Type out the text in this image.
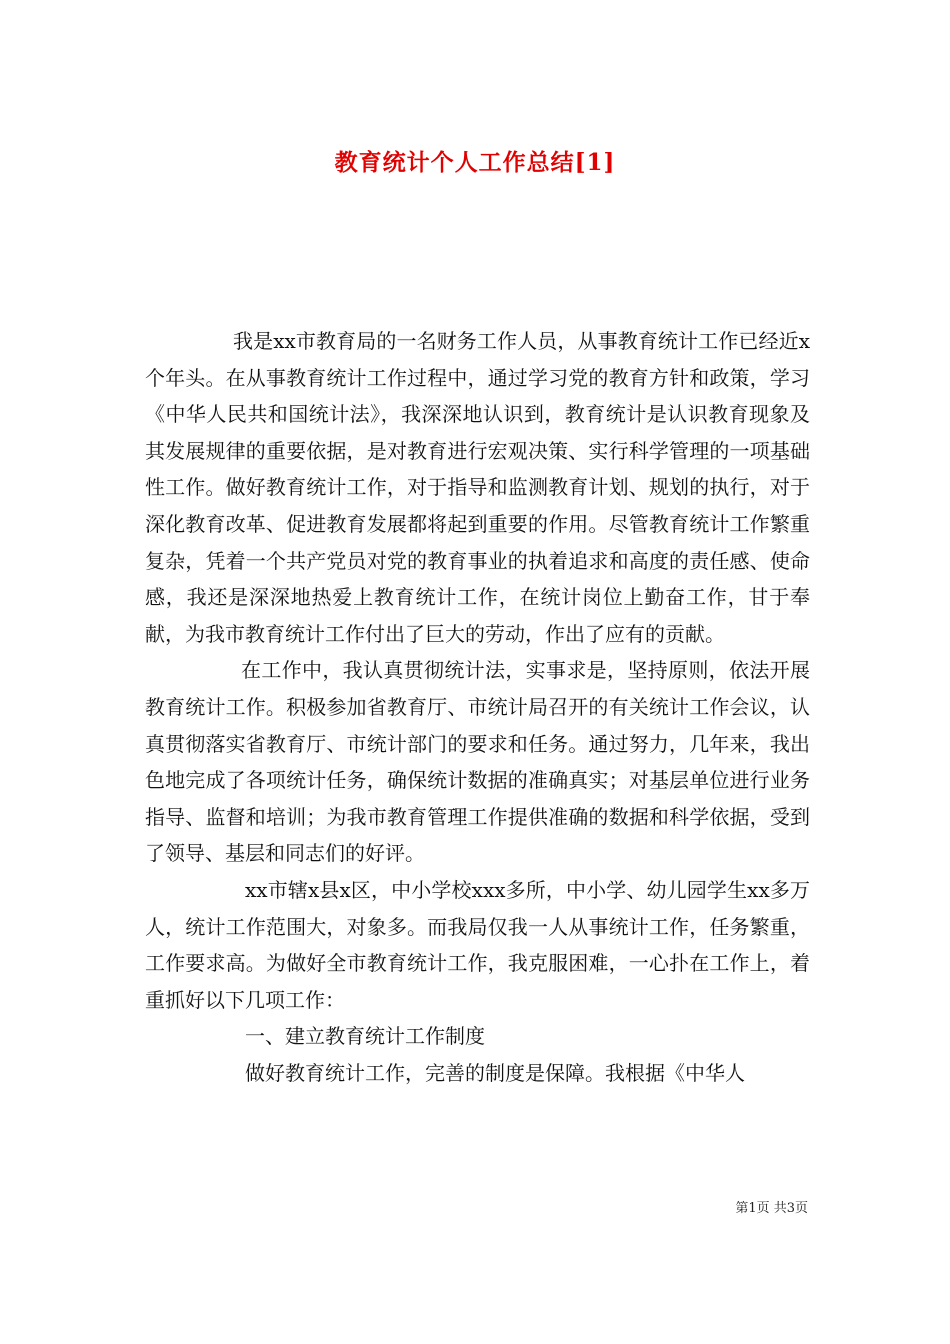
教育统计个人工作总结[1]

我是xx市教育局的一名财务工作人员，从事教育统计工作已经近x个年头。在从事教育统计工作过程中，通过学习党的教育方针和政策，学习《中华人民共和国统计法》，我深深地认识到，教育统计是认识教育现象及其发展规律的重要依据，是对教育进行宏观决策、实行科学管理的一项基础性工作。做好教育统计工作，对于指导和监测教育计划、规划的执行，对于深化教育改革、促进教育发展都将起到重要的作用。尽管教育统计工作繁重复杂，凭着一个共产党员对党的教育事业的执着追求和高度的责任感、使命感，我还是深深地热爱上教育统计工作，在统计岗位上勤奋工作，甘于奉献，为我市教育统计工作付出了巨大的劳动，作出了应有的贡献。

在工作中，我认真贯彻统计法，实事求是，坚持原则，依法开展教育统计工作。积极参加省教育厅、市统计局召开的有关统计工作会议，认真贯彻落实省教育厅、市统计部门的要求和任务。通过努力，几年来，我出色地完成了各项统计任务，确保统计数据的准确真实；对基层单位进行业务指导、监督和培训；为我市教育管理工作提供准确的数据和科学依据，受到了领导、基层和同志们的好评。

xx市辖x县x区，中小学校xxx多所，中小学、幼儿园学生xx多万人，统计工作范围大，对象多。而我局仅我一人从事统计工作，任务繁重，工作要求高。为做好全市教育统计工作，我克服困难，一心扑在工作上，着重抓好以下几项工作：

一、建立教育统计工作制度

做好教育统计工作，完善的制度是保障。我根据《中华人

第1页 共3页
